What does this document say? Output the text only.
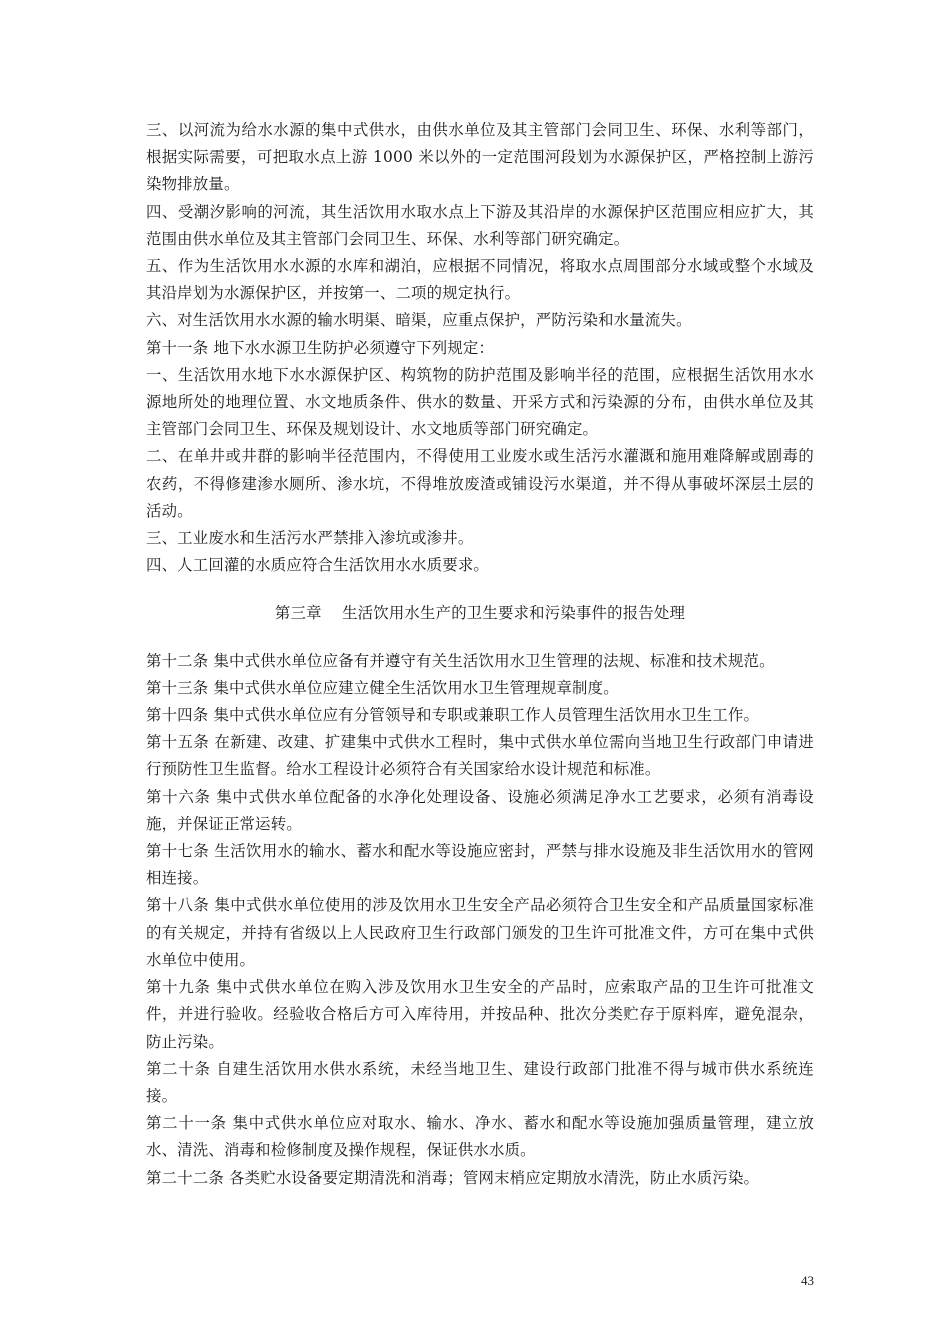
三、以河流为给水水源的集中式供水，由供水单位及其主管部门会同卫生、环保、水利等部门，根据实际需要，可把取水点上游 1000 米以外的一定范围河段划为水源保护区，严格控制上游污染物排放量。

四、受潮汐影响的河流，其生活饮用水取水点上下游及其沿岸的水源保护区范围应相应扩大，其范围由供水单位及其主管部门会同卫生、环保、水利等部门研究确定。

五、作为生活饮用水水源的水库和湖泊，应根据不同情况，将取水点周围部分水域或整个水域及其沿岸划为水源保护区，并按第一、二项的规定执行。

六、对生活饮用水水源的输水明渠、暗渠，应重点保护，严防污染和水量流失。

第十一条 地下水水源卫生防护必须遵守下列规定：

一、生活饮用水地下水水源保护区、构筑物的防护范围及影响半径的范围，应根据生活饮用水水源地所处的地理位置、水文地质条件、供水的数量、开采方式和污染源的分布，由供水单位及其主管部门会同卫生、环保及规划设计、水文地质等部门研究确定。

二、在单井或井群的影响半径范围内，不得使用工业废水或生活污水灌溉和施用难降解或剧毒的农药，不得修建渗水厕所、渗水坑，不得堆放废渣或铺设污水渠道，并不得从事破坏深层土层的活动。

三、工业废水和生活污水严禁排入渗坑或渗井。

四、人工回灌的水质应符合生活饮用水水质要求。

第三章    生活饮用水生产的卫生要求和污染事件的报告处理

第十二条 集中式供水单位应备有并遵守有关生活饮用水卫生管理的法规、标准和技术规范。

第十三条 集中式供水单位应建立健全生活饮用水卫生管理规章制度。

第十四条 集中式供水单位应有分管领导和专职或兼职工作人员管理生活饮用水卫生工作。

第十五条 在新建、改建、扩建集中式供水工程时，集中式供水单位需向当地卫生行政部门申请进行预防性卫生监督。给水工程设计必须符合有关国家给水设计规范和标准。

第十六条 集中式供水单位配备的水净化处理设备、设施必须满足净水工艺要求，必须有消毒设施，并保证正常运转。

第十七条 生活饮用水的输水、蓄水和配水等设施应密封，严禁与排水设施及非生活饮用水的管网相连接。

第十八条 集中式供水单位使用的涉及饮用水卫生安全产品必须符合卫生安全和产品质量国家标准的有关规定，并持有省级以上人民政府卫生行政部门颁发的卫生许可批准文件，方可在集中式供水单位中使用。

第十九条 集中式供水单位在购入涉及饮用水卫生安全的产品时，应索取产品的卫生许可批准文件，并进行验收。经验收合格后方可入库待用，并按品种、批次分类贮存于原料库，避免混杂，防止污染。

第二十条 自建生活饮用水供水系统，未经当地卫生、建设行政部门批准不得与城市供水系统连接。

第二十一条 集中式供水单位应对取水、输水、净水、蓄水和配水等设施加强质量管理，建立放水、清洗、消毒和检修制度及操作规程，保证供水水质。

第二十二条 各类贮水设备要定期清洗和消毒；管网末梢应定期放水清洗，防止水质污染。

43
